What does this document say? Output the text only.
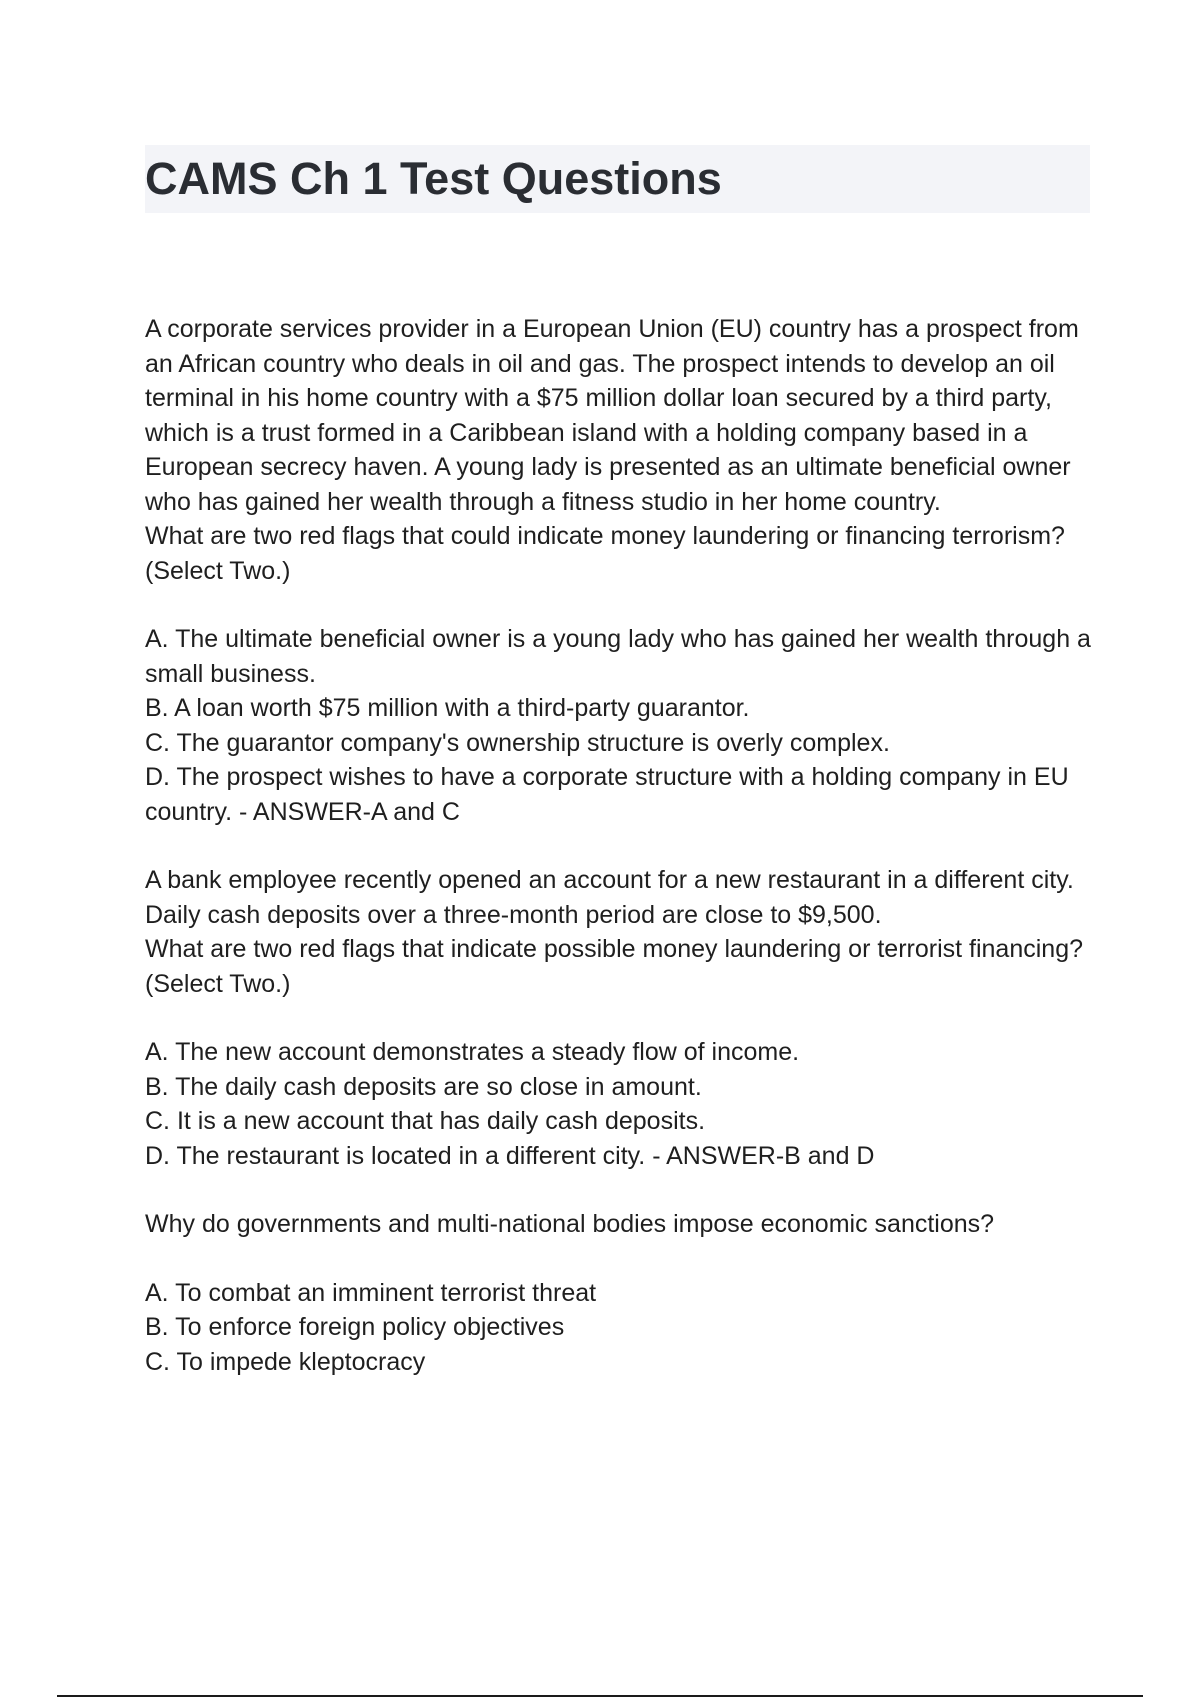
CAMS Ch 1 Test Questions

A corporate services provider in a European Union (EU) country has a prospect from an African country who deals in oil and gas. The prospect intends to develop an oil terminal in his home country with a $75 million dollar loan secured by a third party, which is a trust formed in a Caribbean island with a holding company based in a European secrecy haven. A young lady is presented as an ultimate beneficial owner who has gained her wealth through a fitness studio in her home country.

What are two red flags that could indicate money laundering or financing terrorism? (Select Two.)

A. The ultimate beneficial owner is a young lady who has gained her wealth through a small business.
B. A loan worth $75 million with a third-party guarantor.
C. The guarantor company's ownership structure is overly complex.
D. The prospect wishes to have a corporate structure with a holding company in EU country. - ANSWER-A and C

A bank employee recently opened an account for a new restaurant in a different city. Daily cash deposits over a three-month period are close to $9,500.

What are two red flags that indicate possible money laundering or terrorist financing? (Select Two.)

A. The new account demonstrates a steady flow of income.
B. The daily cash deposits are so close in amount.
C. It is a new account that has daily cash deposits.
D. The restaurant is located in a different city. - ANSWER-B and D

Why do governments and multi-national bodies impose economic sanctions?

A. To combat an imminent terrorist threat
B. To enforce foreign policy objectives
C. To impede kleptocracy
